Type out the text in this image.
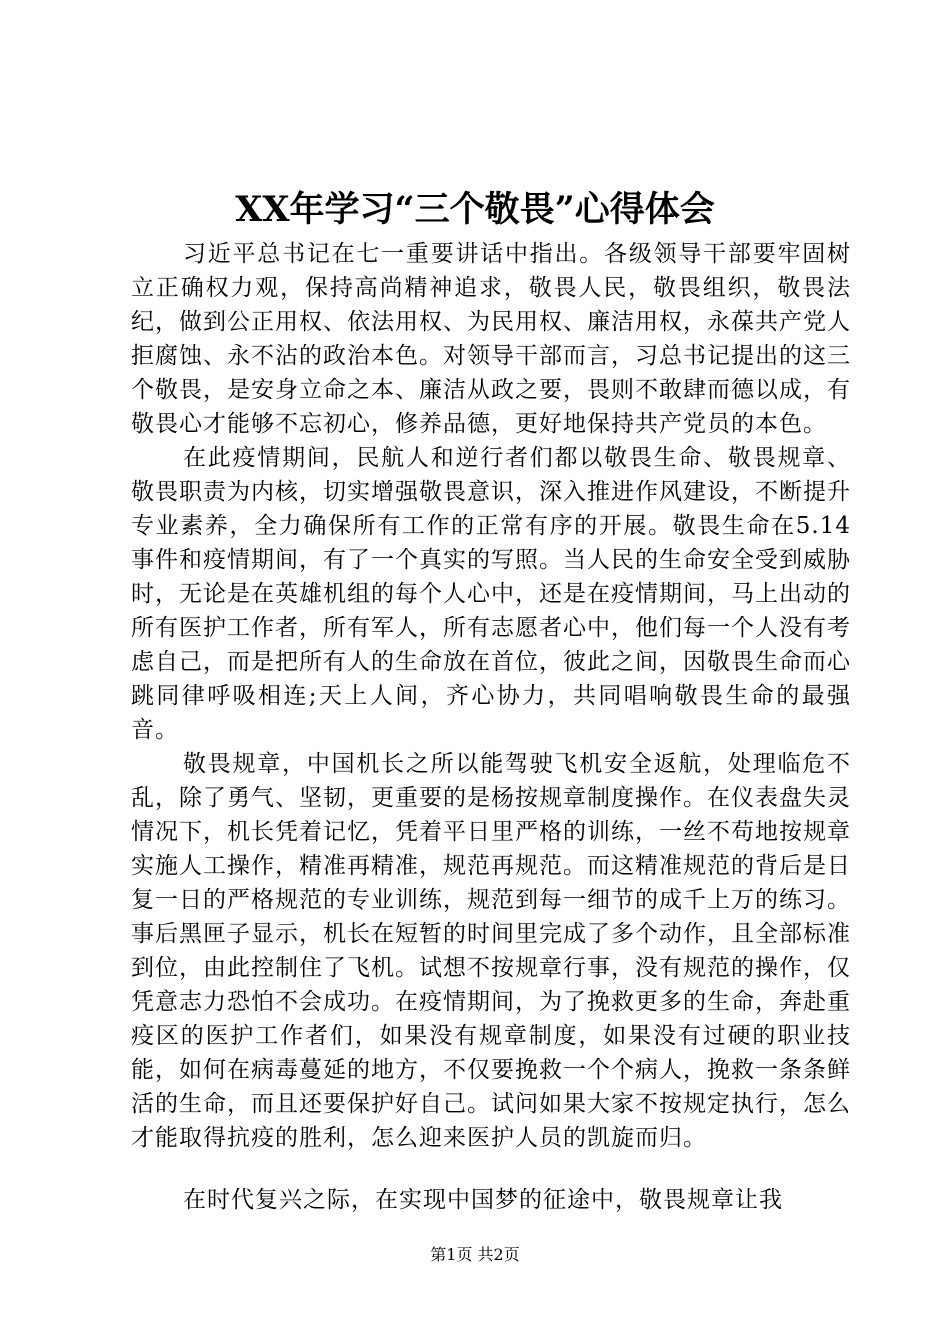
XX年学习“三个敬畏”心得体会

习近平总书记在七一重要讲话中指出。各级领导干部要牢固树立正确权力观，保持高尚精神追求，敬畏人民，敬畏组织，敬畏法纪，做到公正用权、依法用权、为民用权、廉洁用权，永葆共产党人拒腐蚀、永不沾的政治本色。对领导干部而言，习总书记提出的这三个敬畏，是安身立命之本、廉洁从政之要，畏则不敢肆而德以成，有敬畏心才能够不忘初心，修养品德，更好地保持共产党员的本色。

在此疫情期间，民航人和逆行者们都以敬畏生命、敬畏规章、敬畏职责为内核，切实增强敬畏意识，深入推进作风建设，不断提升专业素养，全力确保所有工作的正常有序的开展。敬畏生命在5.14事件和疫情期间，有了一个真实的写照。当人民的生命安全受到威胁时，无论是在英雄机组的每个人心中，还是在疫情期间，马上出动的所有医护工作者，所有军人，所有志愿者心中，他们每一个人没有考虑自己，而是把所有人的生命放在首位，彼此之间，因敬畏生命而心跳同律呼吸相连;天上人间，齐心协力，共同唱响敬畏生命的最强音。

敬畏规章，中国机长之所以能驾驶飞机安全返航，处理临危不乱，除了勇气、坚韧，更重要的是杨按规章制度操作。在仪表盘失灵情况下，机长凭着记忆，凭着平日里严格的训练，一丝不苟地按规章实施人工操作，精准再精准，规范再规范。而这精准规范的背后是日复一日的严格规范的专业训练，规范到每一细节的成千上万的练习。事后黑匣子显示，机长在短暂的时间里完成了多个动作，且全部标准到位，由此控制住了飞机。试想不按规章行事，没有规范的操作，仅凭意志力恐怕不会成功。在疫情期间，为了挽救更多的生命，奔赴重疫区的医护工作者们，如果没有规章制度，如果没有过硬的职业技能，如何在病毒蔓延的地方，不仅要挽救一个个病人，挽救一条条鲜活的生命，而且还要保护好自己。试问如果大家不按规定执行，怎么才能取得抗疫的胜利，怎么迎来医护人员的凯旋而归。

在时代复兴之际，在实现中国梦的征途中，敬畏规章让我

第1页 共2页
